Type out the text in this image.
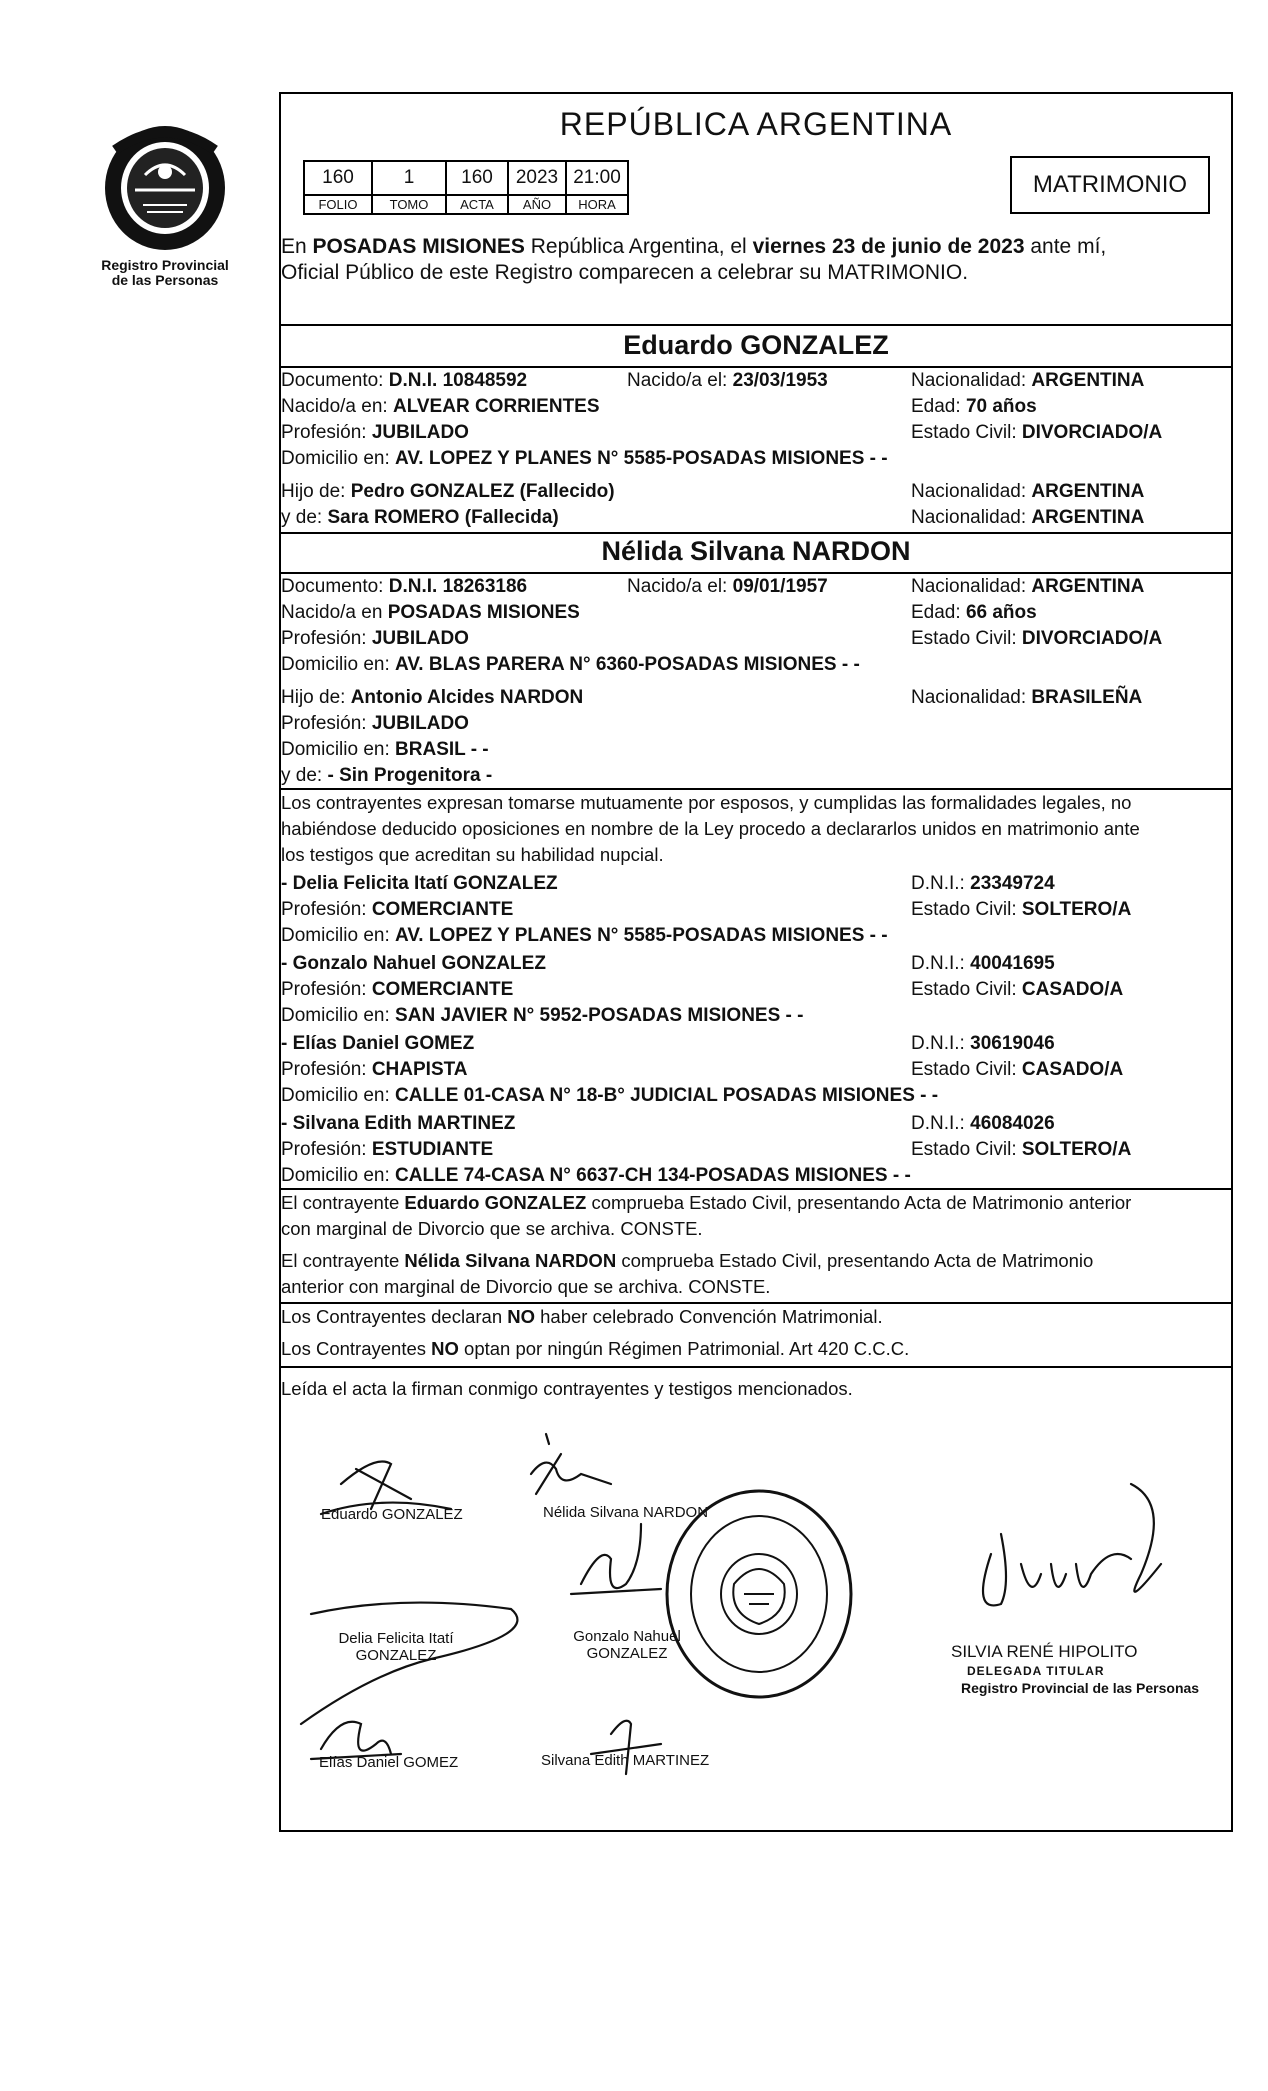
Registro Provincial
de las Personas
REPÚBLICA ARGENTINA
160	1	160	2023	21:00
FOLIO	TOMO	ACTA	AÑO	HORA
MATRIMONIO
En POSADAS MISIONES República Argentina, el viernes 23 de junio de 2023 ante mí,
Oficial Público de este Registro comparecen a celebrar su MATRIMONIO.
Eduardo GONZALEZ
Documento: D.N.I. 10848592	Nacido/a el: 23/03/1953	Nacionalidad: ARGENTINA
Nacido/a en: ALVEAR CORRIENTES	Edad: 70 años
Profesión: JUBILADO	Estado Civil: DIVORCIADO/A
Domicilio en: AV. LOPEZ Y PLANES N° 5585-POSADAS MISIONES - -
Hijo de: Pedro GONZALEZ (Fallecido)	Nacionalidad: ARGENTINA
y de: Sara ROMERO (Fallecida)	Nacionalidad: ARGENTINA
Nélida Silvana NARDON
Documento: D.N.I. 18263186	Nacido/a el: 09/01/1957	Nacionalidad: ARGENTINA
Nacido/a en POSADAS MISIONES	Edad: 66 años
Profesión: JUBILADO	Estado Civil: DIVORCIADO/A
Domicilio en: AV. BLAS PARERA N° 6360-POSADAS MISIONES - -
Hijo de: Antonio Alcides NARDON	Nacionalidad: BRASILEÑA
Profesión: JUBILADO
Domicilio en: BRASIL - -
y de: - Sin Progenitora -
Los contrayentes expresan tomarse mutuamente por esposos, y cumplidas las formalidades legales, no
habiéndose deducido oposiciones en nombre de la Ley procedo a declararlos unidos en matrimonio ante
los testigos que acreditan su habilidad nupcial.
- Delia Felicita Itatí GONZALEZ	D.N.I.: 23349724
Profesión: COMERCIANTE	Estado Civil: SOLTERO/A
Domicilio en: AV. LOPEZ Y PLANES N° 5585-POSADAS MISIONES - -
- Gonzalo Nahuel GONZALEZ	D.N.I.: 40041695
Profesión: COMERCIANTE	Estado Civil: CASADO/A
Domicilio en: SAN JAVIER N° 5952-POSADAS MISIONES - -
- Elías Daniel GOMEZ	D.N.I.: 30619046
Profesión: CHAPISTA	Estado Civil: CASADO/A
Domicilio en: CALLE 01-CASA N° 18-B° JUDICIAL POSADAS MISIONES - -
- Silvana Edith MARTINEZ	D.N.I.: 46084026
Profesión: ESTUDIANTE	Estado Civil: SOLTERO/A
Domicilio en: CALLE 74-CASA N° 6637-CH 134-POSADAS MISIONES - -
El contrayente Eduardo GONZALEZ comprueba Estado Civil, presentando Acta de Matrimonio anterior
con marginal de Divorcio que se archiva. CONSTE.
El contrayente Nélida Silvana NARDON comprueba Estado Civil, presentando Acta de Matrimonio
anterior con marginal de Divorcio que se archiva. CONSTE.
Los Contrayentes declaran NO haber celebrado Convención Matrimonial.
Los Contrayentes NO optan por ningún Régimen Patrimonial. Art 420 C.C.C.
Leída el acta la firman conmigo contrayentes y testigos mencionados.
Eduardo GONZALEZ	Nélida Silvana NARDON
Delia Felicita Itatí
GONZALEZ
Gonzalo Nahuel
GONZALEZ
Elías Daniel GOMEZ	Silvana Edith MARTINEZ
SILVIA RENÉ HIPOLITO
DELEGADA TITULAR
Registro Provincial de las Personas
